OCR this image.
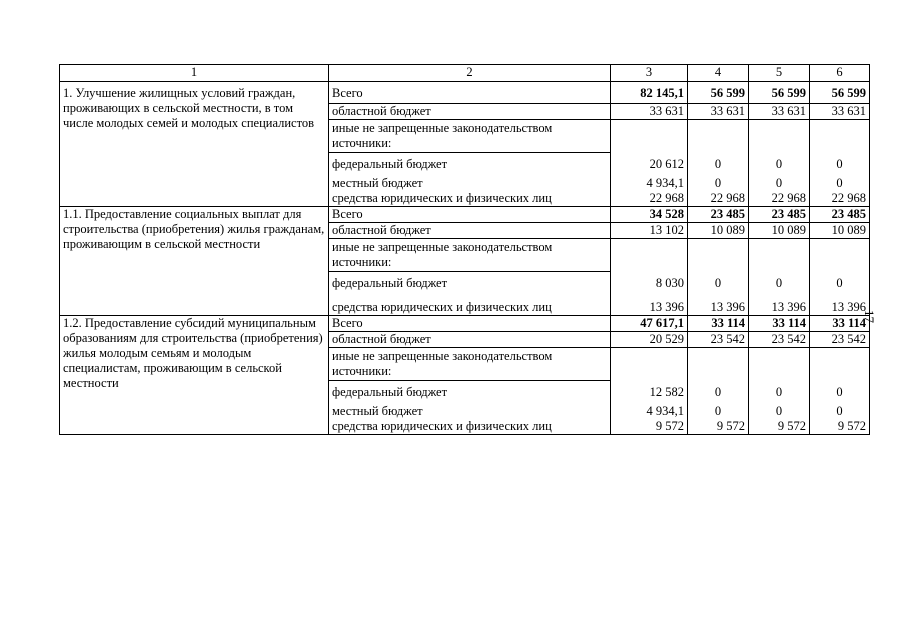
1	2	3	4	5	6
1. Улучшение жилищных условий граждан, проживающих в сельской местности, в том числе молодых семей и молодых специалистов	Всего	82 145,1	56 599	56 599	56 599
	областной бюджет	33 631	33 631	33 631	33 631
	иные не запрещенные законодательством источники:				
	федеральный бюджет	20 612	0	0	0
	местный бюджет	4 934,1	0	0	0
	средства юридических и физических лиц	22 968	22 968	22 968	22 968
1.1. Предоставление социальных выплат для строительства (приобретения) жилья гражданам, проживающим в сельской местности	Всего	34 528	23 485	23 485	23 485
	областной бюджет	13 102	10 089	10 089	10 089
	иные не запрещенные законодательством источники:				
	федеральный бюджет	8 030	0	0	0
	средства юридических и физических лиц	13 396	13 396	13 396	13 396
1.2. Предоставление субсидий муниципальным образованиям для строительства (приобретения) жилья молодым семьям и молодым специалистам, проживающим в сельской местности	Всего	47 617,1	33 114	33 114	33 114
	областной бюджет	20 529	23 542	23 542	23 542
	иные не запрещенные законодательством источники:				
	федеральный бюджет	12 582	0	0	0
	местный бюджет	4 934,1	0	0	0
	средства юридических и физических лиц	9 572	9 572	9 572	9 572
17
